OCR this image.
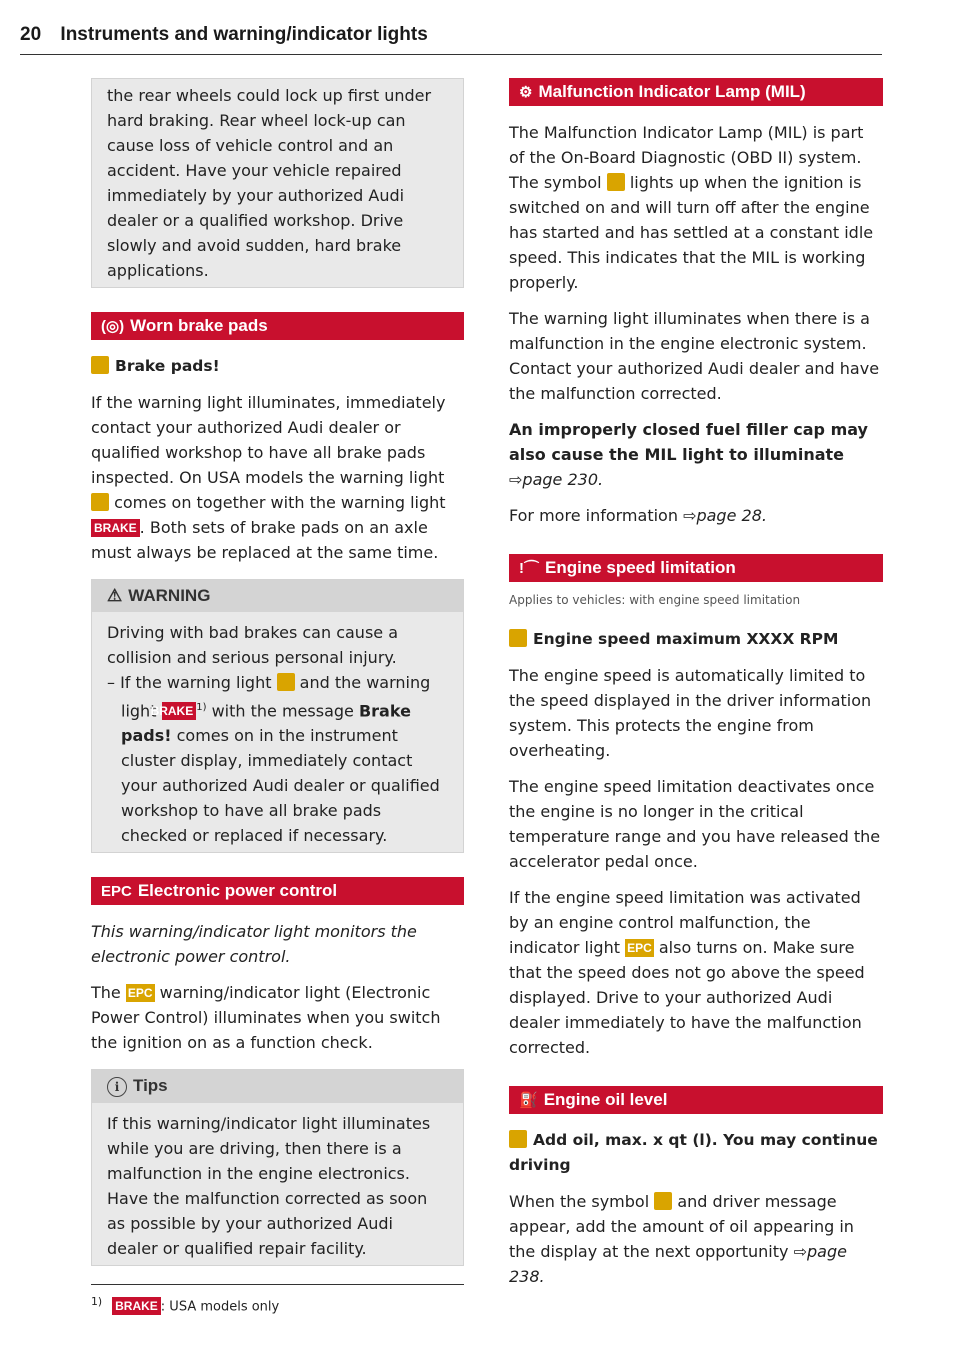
20 Instruments and warning/indicator lights

the rear wheels could lock up first under hard braking. Rear wheel lock-up can cause loss of vehicle control and an accident. Have your vehicle repaired immediately by your authorized Audi dealer or a qualified workshop. Drive slowly and avoid sudden, hard brake applications.

(◎) Worn brake pads
Brake pads!

If the warning light illuminates, immediately contact your authorized Audi dealer or qualified workshop to have all brake pads inspected. On USA models the warning light  comes on together with the warning light BRAKE . Both sets of brake pads on an axle must always be replaced at the same time.

⚠ WARNING

Driving with bad brakes can cause a collision and serious personal injury.

– If the warning light and the warning light BRAKE $^{1)}$ with the message Brake pads! comes on in the instrument cluster display, immediately contact your authorized Audi dealer or qualified workshop to have all brake pads checked or replaced if necessary.
EPC Electronic power control

This warning/indicator light monitors the electronic power control.

The EPC warning/indicator light (Electronic Power Control) illuminates when you switch the ignition on as a function check.

i Tips

If this warning/indicator light illuminates while you are driving, then there is a malfunction in the engine electronics. Have the malfunction corrected as soon as possible by your authorized Audi dealer or qualified repair facility.

$^{1)}$ BRAKE : USA models only
⚙ Malfunction Indicator Lamp (MIL)

The Malfunction Indicator Lamp (MIL) is part of the On-Board Diagnostic (OBD II) system. The symbol lights up when the ignition is switched on and will turn off after the engine has started and has settled at a constant idle speed. This indicates that the MIL is working properly.

The warning light illuminates when there is a malfunction in the engine electronic system. Contact your authorized Audi dealer and have the malfunction corrected.

An improperly closed fuel filler cap may also cause the MIL light to illuminate
⇨page 230.

For more information ⇨page 28.

!⌒ Engine speed limitation

Applies to vehicles: with engine speed limitation

Engine speed maximum XXXX RPM

The engine speed is automatically limited to the speed displayed in the driver information system. This protects the engine from overheating.

The engine speed limitation deactivates once the engine is no longer in the critical temperature range and you have released the accelerator pedal once.

If the engine speed limitation was activated by an engine control malfunction, the indicator light EPC also turns on. Make sure that the speed does not go above the speed displayed. Drive to your authorized Audi dealer immediately to have the malfunction corrected.

⛽ Engine oil level
Add oil, max. x qt (l). You may continue driving

When the symbol and driver message appear, add the amount of oil appearing in the display at the next opportunity ⇨page 238.
